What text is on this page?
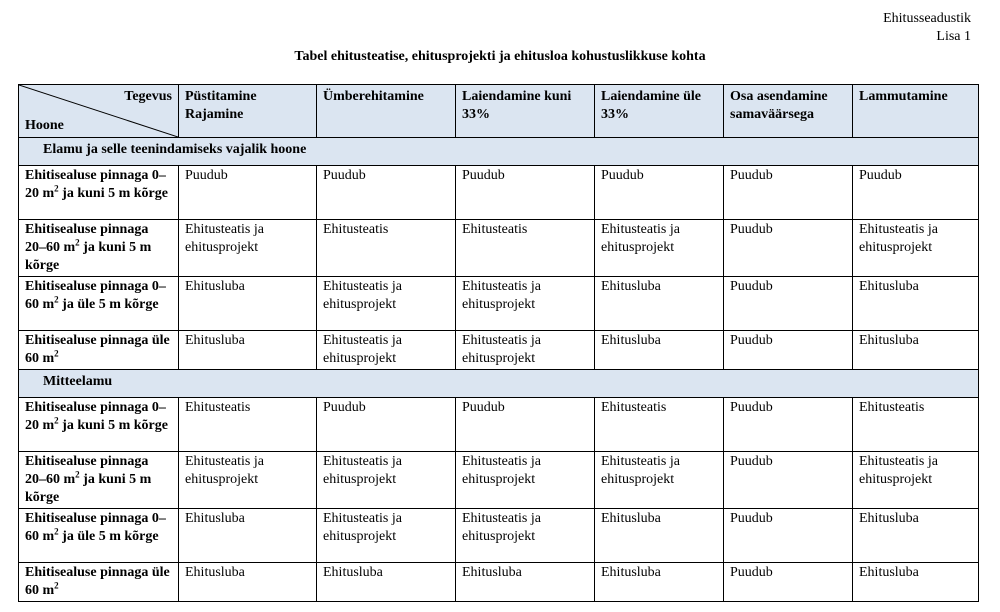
Ehitusseadustik
Lisa 1
Tabel ehitusteatise, ehitusprojekti ja ehitusloa kohustuslikkuse kohta
Tegevus
Hoone	Püstitamine Rajamine	Ümberehitamine	Laiendamine kuni 33%	Laiendamine üle 33%	Osa asendamine samaväärsega	Lammutamine
Elamu ja selle teenindamiseks vajalik hoone						
Ehitisealuse pinnaga 0–20 $m^2$ ja kuni 5 m kõrge	Puudub	Puudub	Puudub	Puudub	Puudub	Puudub
Ehitisealuse pinnaga 20–60 $m^2$ ja kuni 5 m kõrge	Ehitusteatis ja ehitusprojekt	Ehitusteatis	Ehitusteatis	Ehitusteatis ja ehitusprojekt	Puudub	Ehitusteatis ja ehitusprojekt
Ehitisealuse pinnaga 0–60 $m^2$ ja üle 5 m kõrge	Ehitusluba	Ehitusteatis ja ehitusprojekt	Ehitusteatis ja ehitusprojekt	Ehitusluba	Puudub	Ehitusluba
Ehitisealuse pinnaga üle 60 $m^2$	Ehitusluba	Ehitusteatis ja ehitusprojekt	Ehitusteatis ja ehitusprojekt	Ehitusluba	Puudub	Ehitusluba
Mitteelamu						
Ehitisealuse pinnaga 0–20 $m^2$ ja kuni 5 m kõrge	Ehitusteatis	Puudub	Puudub	Ehitusteatis	Puudub	Ehitusteatis
Ehitisealuse pinnaga 20–60 $m^2$ ja kuni 5 m kõrge	Ehitusteatis ja ehitusprojekt	Ehitusteatis ja ehitusprojekt	Ehitusteatis ja ehitusprojekt	Ehitusteatis ja ehitusprojekt	Puudub	Ehitusteatis ja ehitusprojekt
Ehitisealuse pinnaga 0–60 $m^2$ ja üle 5 m kõrge	Ehitusluba	Ehitusteatis ja ehitusprojekt	Ehitusteatis ja ehitusprojekt	Ehitusluba	Puudub	Ehitusluba
Ehitisealuse pinnaga üle 60 $m^2$	Ehitusluba	Ehitusluba	Ehitusluba	Ehitusluba	Puudub	Ehitusluba
